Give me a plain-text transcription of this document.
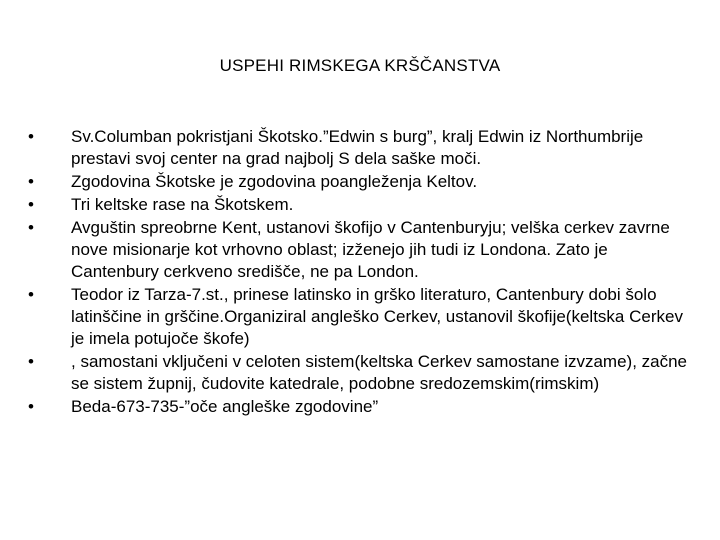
USPEHI RIMSKEGA KRŠČANSTVA
•	Sv.Columban pokristjani Škotsko.”Edwin s burg”, kralj Edwin iz Northumbrije prestavi svoj center na grad najbolj S dela saške moči.
•	Zgodovina Škotske je zgodovina poangleženja Keltov.
•	Tri keltske rase na Škotskem.
•	Avguštin spreobrne Kent, ustanovi škofijo v Cantenburyju; velška cerkev zavrne nove misionarje kot vrhovno oblast; izženejo jih tudi iz Londona. Zato je Cantenbury cerkveno središče, ne pa London.
•	Teodor iz Tarza-7.st., prinese latinsko in grško literaturo, Cantenbury dobi šolo latinščine in grščine.Organiziral angleško Cerkev, ustanovil škofije(keltska Cerkev je imela potujoče škofe)
•	, samostani vključeni v celoten sistem(keltska Cerkev samostane izvzame), začne se sistem župnij, čudovite katedrale, podobne sredozemskim(rimskim)
•	Beda-673-735-”oče angleške zgodovine”
